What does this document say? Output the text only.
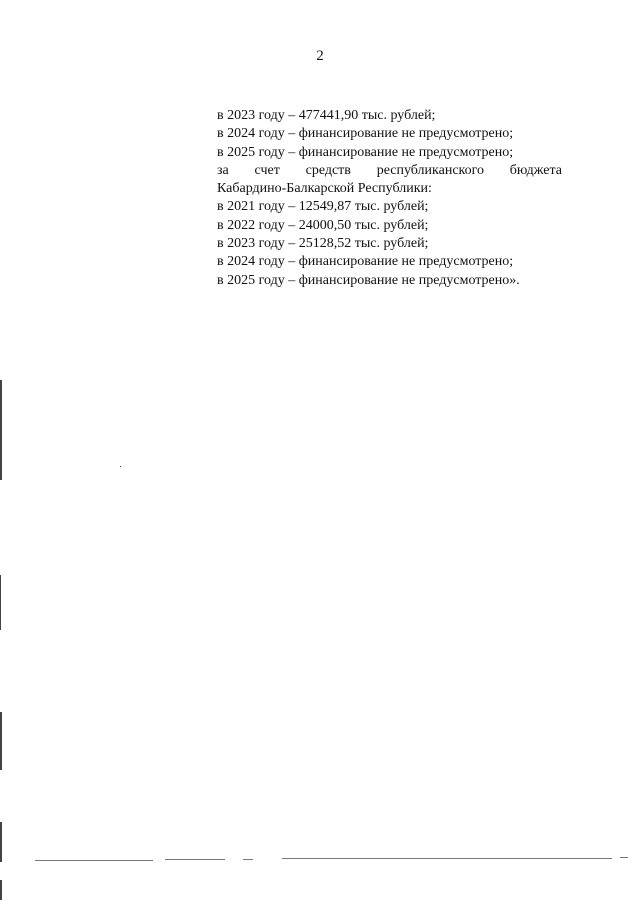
2
в 2023 году – 477441,90 тыс. рублей;
в 2024 году – финансирование не предусмотрено;
в 2025 году – финансирование не предусмотрено;
за счет средств республиканского бюджета
Кабардино-Балкарской Республики:
в 2021 году – 12549,87 тыс. рублей;
в 2022 году – 24000,50 тыс. рублей;
в 2023 году – 25128,52 тыс. рублей;
в 2024 году – финансирование не предусмотрено;
в 2025 году – финансирование не предусмотрено».
